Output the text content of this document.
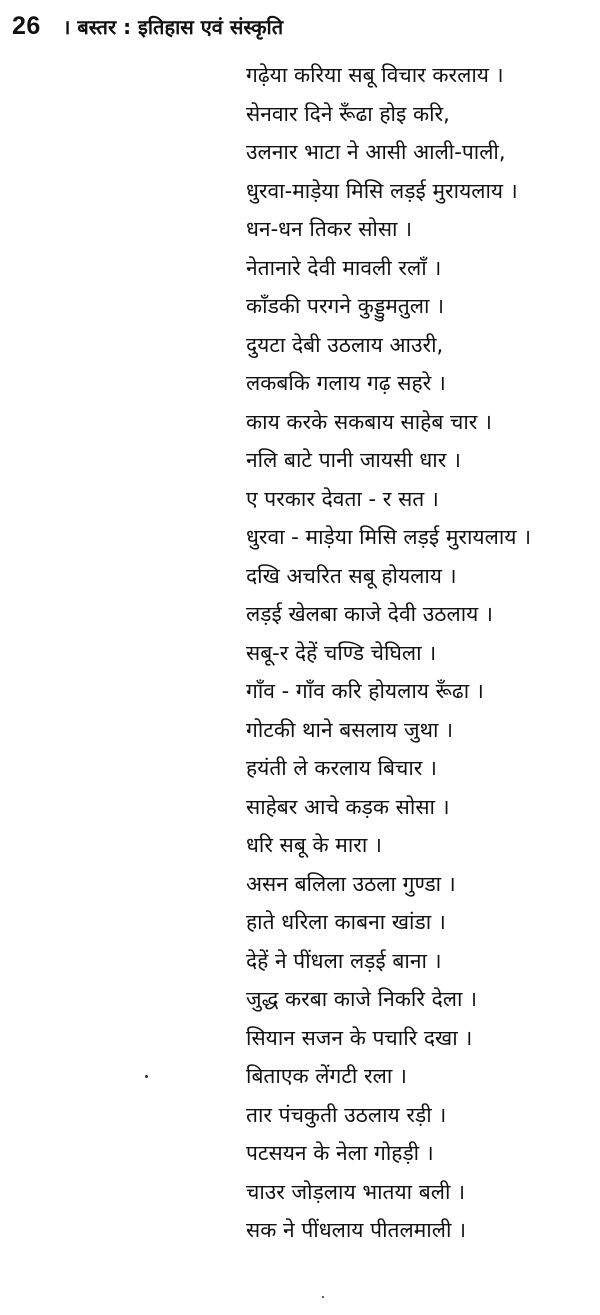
26 । बस्तर : इतिहास एवं संस्कृति
गढ़ेया करिया सबू विचार करलाय ।
सेनवार दिने रूँढा होइ करि,
उलनार भाटा ने आसी आली-पाली,
धुरवा-माड़ेया मिसि लड़ई मुरायलाय ।
धन-धन तिकर सोसा ।
नेतानारे देवी मावली रलाँ ।
काँडकी परगने कुड्डुमतुला ।
दुयटा देबी उठलाय आउरी,
लकबकि गलाय गढ़ सहरे ।
काय करके सकबाय साहेब चार ।
नलि बाटे पानी जायसी धार ।
ए परकार देवता - र सत ।
धुरवा - माड़ेया मिसि लड़ई मुरायलाय ।
दखि अचरित सबू होयलाय ।
लड़ई खेलबा काजे देवी उठलाय ।
सबू-र देहें चण्डि चेघिला ।
गाँव - गाँव करि होयलाय रूँढा ।
गोटकी थाने बसलाय जुथा ।
हयंती ले करलाय बिचार ।
साहेबर आचे कड़क सोसा ।
धरि सबू के मारा ।
असन बलिला उठला गुण्डा ।
हाते धरिला काबना खांडा ।
देहें ने पींधला लड़ई बाना ।
जुद्ध करबा काजे निकरि देला ।
सियान सजन के पचारि दखा ।
बिताएक लेंगटी रला ।
तार पंचकुती उठलाय रड़ी ।
पटसयन के नेला गोहड़ी ।
चाउर जोड़लाय भातया बली ।
सक ने पींधलाय पीतलमाली ।
